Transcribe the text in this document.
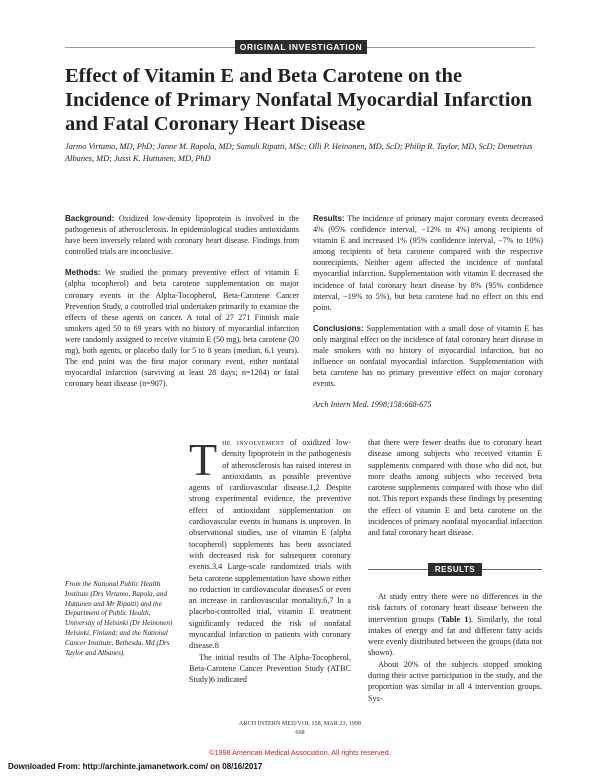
ORIGINAL INVESTIGATION
Effect of Vitamin E and Beta Carotene on the Incidence of Primary Nonfatal Myocardial Infarction and Fatal Coronary Heart Disease

Jarmo Virtamo, MD, PhD; Janne M. Rapola, MD; Samuli Ripatti, MSc; Olli P. Heinonen, MD, ScD; Philip R. Taylor, MD, ScD; Demetrius Albanes, MD; Jussi K. Huttunen, MD, PhD

Background: Oxidized low-density lipoprotein is involved in the pathogenesis of atherosclerosis. In epidemiological studies antioxidants have been inversely related with coronary heart disease. Findings from controlled trials are inconclusive.

Methods: We studied the primary preventive effect of vitamin E (alpha tocopherol) and beta carotene supplementation on major coronary events in the Alpha-Tocopherol, Beta-Carotene Cancer Prevention Study, a controlled trial undertaken primarily to examine the effects of these agents on cancer. A total of 27 271 Finnish male smokers aged 50 to 69 years with no history of myocardial infarction were randomly assigned to receive vitamin E (50 mg), beta carotene (20 mg), both agents, or placebo daily for 5 to 8 years (median, 6.1 years). The end point was the first major coronary event, either nonfatal myocardial infarction (surviving at least 28 days; n=1204) or fatal coronary heart disease (n=907).

Results: The incidence of primary major coronary events decreased 4% (95% confidence interval, −12% to 4%) among recipients of vitamin E and increased 1% (95% confidence interval, −7% to 10%) among recipients of beta carotene compared with the respective nonrecipients. Neither agent affected the incidence of nonfatal myocardial infarction. Supplementation with vitamin E decreased the incidence of fatal coronary heart disease by 8% (95% confidence interval, −19% to 5%), but beta carotene had no effect on this end point.

Conclusions: Supplementation with a small dose of vitamin E has only marginal effect on the incidence of fatal coronary heart disease in male smokers with no history of myocardial infarction, but no influence on nonfatal myocardial infarction. Supplementation with beta carotene has no primary preventive effect on major coronary events.

Arch Intern Med. 1998;158:668-675

From the National Public Health Institute (Drs Virtamo, Rapola, and Huttunen and Mr Ripatti) and the Department of Public Health, University of Helsinki (Dr Heinonen) Helsinki, Finland; and the National Cancer Institute, Bethesda, Md (Drs Taylor and Albanes).

The involvement of oxidized low-density lipoprotein in the pathogenesis of atherosclerosis has raised interest in antioxidants as possible preventive agents of cardiovascular disease.1,2 Despite strong experimental evidence, the preventive effect of antioxidant supplementation on cardiovascular events in humans is unproven. In observational studies, use of vitamin E (alpha tocopherol) supplements has been associated with decreased risk for subsequent coronary events.3,4 Large-scale randomized trials with beta carotene supplementation have shown either no reduction in cardiovascular diseases5 or even an increase in cardiovascular mortality.6,7 In a placebo-controlled trial, vitamin E treatment significantly reduced the risk of nonfatal myocardial infarction in patients with coronary disease.8

The initial results of The Alpha-Tocopherol, Beta-Carotene Cancer Prevention Study (ATBC Study)6 indicated

that there were fewer deaths due to coronary heart disease among subjects who received vitamin E supplements compared with those who did not, but more deaths among subjects who received beta carotene supplements compared with those who did not. This report expands these findings by presenting the effect of vitamin E and beta carotene on the incidences of primary nonfatal myocardial infarction and fatal coronary heart disease.

RESULTS

At study entry there were no differences in the risk factors of coronary heart disease between the intervention groups (Table 1). Similarly, the total intakes of energy and fat and different fatty acids were evenly distributed between the groups (data not shown).

About 20% of the subjects stopped smoking during their active participation in the study, and the proportion was similar in all 4 intervention groups. Sys-

ARCH INTERN MED/VOL 158, MAR 23, 1998
668
©1998 American Medical Association. All rights reserved.
Downloaded From: http://archinte.jamanetwork.com/ on 08/16/2017
